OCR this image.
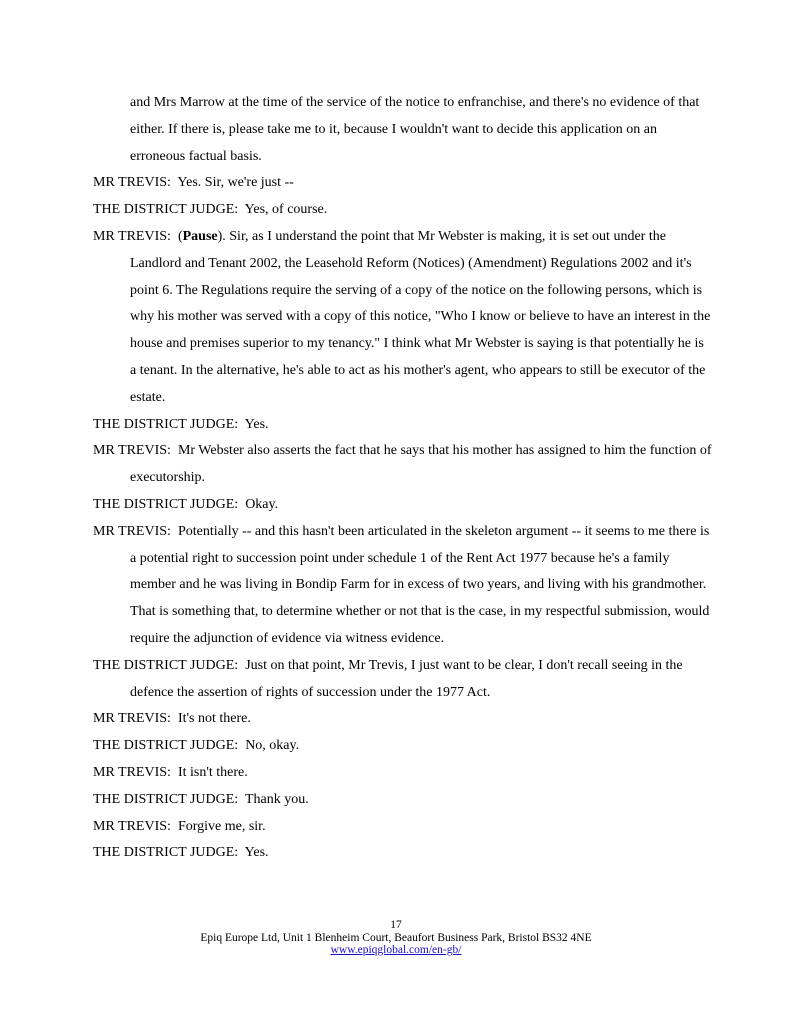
and Mrs Marrow at the time of the service of the notice to enfranchise, and there's no evidence of that either. If there is, please take me to it, because I wouldn't want to decide this application on an erroneous factual basis.

MR TREVIS: Yes. Sir, we're just --

THE DISTRICT JUDGE: Yes, of course.

MR TREVIS: (Pause). Sir, as I understand the point that Mr Webster is making, it is set out under the Landlord and Tenant 2002, the Leasehold Reform (Notices) (Amendment) Regulations 2002 and it's point 6. The Regulations require the serving of a copy of the notice on the following persons, which is why his mother was served with a copy of this notice, "Who I know or believe to have an interest in the house and premises superior to my tenancy." I think what Mr Webster is saying is that potentially he is a tenant. In the alternative, he's able to act as his mother's agent, who appears to still be executor of the estate.

THE DISTRICT JUDGE: Yes.

MR TREVIS: Mr Webster also asserts the fact that he says that his mother has assigned to him the function of executorship.

THE DISTRICT JUDGE: Okay.

MR TREVIS: Potentially -- and this hasn't been articulated in the skeleton argument -- it seems to me there is a potential right to succession point under schedule 1 of the Rent Act 1977 because he's a family member and he was living in Bondip Farm for in excess of two years, and living with his grandmother. That is something that, to determine whether or not that is the case, in my respectful submission, would require the adjunction of evidence via witness evidence.

THE DISTRICT JUDGE: Just on that point, Mr Trevis, I just want to be clear, I don't recall seeing in the defence the assertion of rights of succession under the 1977 Act.

MR TREVIS: It's not there.

THE DISTRICT JUDGE: No, okay.

MR TREVIS: It isn't there.

THE DISTRICT JUDGE: Thank you.

MR TREVIS: Forgive me, sir.

THE DISTRICT JUDGE: Yes.

17
Epiq Europe Ltd, Unit 1 Blenheim Court, Beaufort Business Park, Bristol BS32 4NE
www.epiqglobal.com/en-gb/
